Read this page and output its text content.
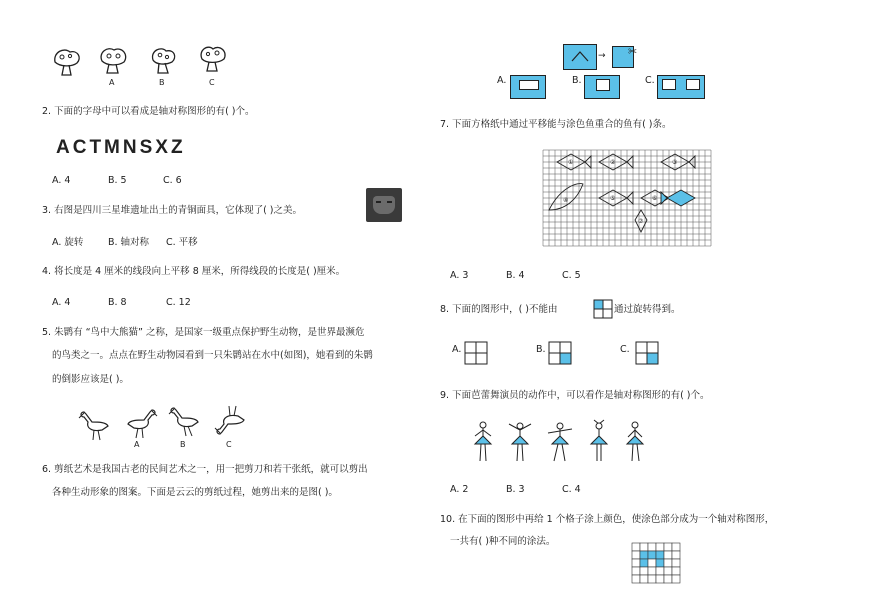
A	B	C
2. 下面的字母中可以看成是轴对称图形的有( )个。
ACTMNSXZ
A. 4	B. 5	C. 6
3. 右图是四川三星堆遗址出土的青铜面具，它体现了( )之美。
A. 旋转	B. 轴对称 C. 平移
4. 将长度是 4 厘米的线段向上平移 8 厘米，所得线段的长度是( )厘米。
A. 4	B. 8	C. 12
5. 朱鹮有 “鸟中大熊猫” 之称，是国家一级重点保护野生动物，是世界最濒危
的鸟类之一。点点在野生动物园看到一只朱鹮站在水中(如图)，她看到的朱鹮
的倒影应该是( )。
A	B	C
6. 剪纸艺术是我国古老的民间艺术之一，用一把剪刀和若干张纸，就可以剪出
各种生动形象的图案。下面是云云的剪纸过程，她剪出来的是图( )。
→ ✂
A.	B.	C.
7. 下面方格纸中通过平移能与涂色鱼重合的鱼有( )条。
①	②	③
④	⑤	⑥
⑦
A. 3	B. 4	C. 5
8. 下面的图形中，( )不能由	通过旋转得到。
A.	B.	C.
9. 下面芭蕾舞演员的动作中，可以看作是轴对称图形的有( )个。
A. 2	B. 3	C. 4
10. 在下面的图形中再给 1 个格子涂上颜色，使涂色部分成为一个轴对称图形，
一共有( )种不同的涂法。
